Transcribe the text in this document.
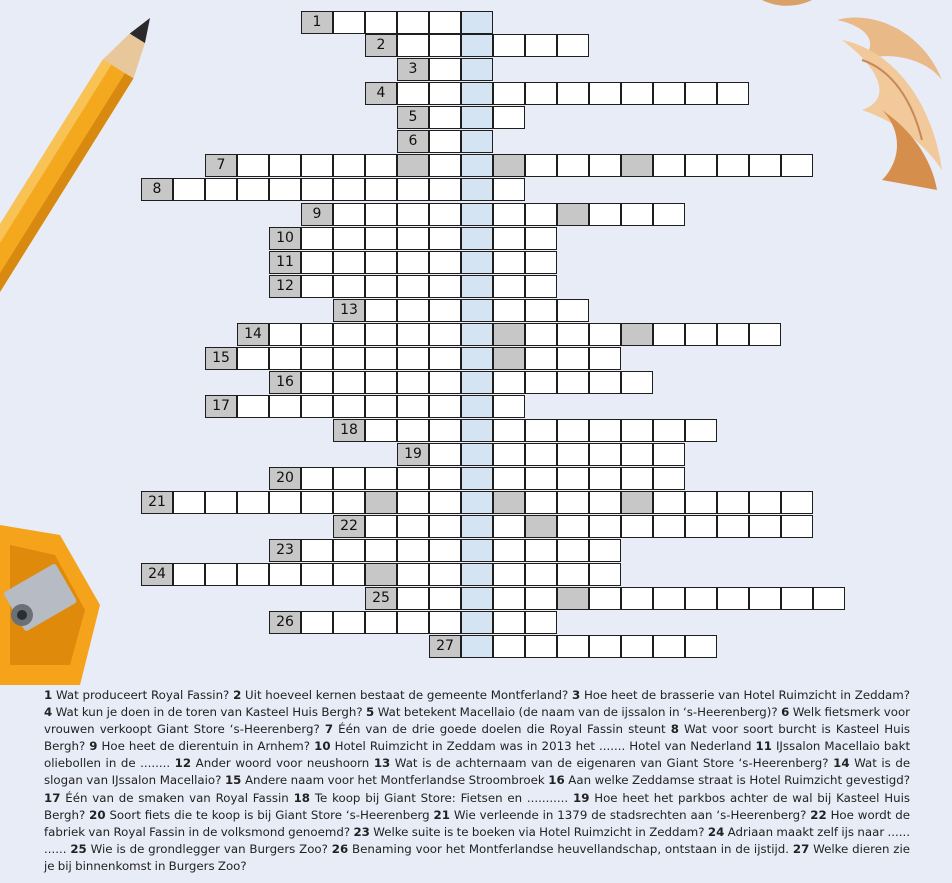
1
2
3
4
5
6
7
8
9
10
11
12
13
14
15
16
17
18
19
20
21
22
23
24
25
26
27
1 Wat produceert Royal Fassin? 2 Uit hoeveel kernen bestaat de gemeente Montferland? 3 Hoe heet de brasserie van Hotel Ruimzicht in Zeddam? 4 Wat kun je doen in de toren van Kasteel Huis Bergh? 5 Wat betekent Macellaio (de naam van de ijssalon in ‘s-Heerenberg)? 6 Welk fietsmerk voor vrouwen verkoopt Giant Store ‘s-Heerenberg? 7 Één van de drie goede doelen die Royal Fassin steunt 8 Wat voor soort burcht is Kasteel Huis Bergh? 9 Hoe heet de dierentuin in Arnhem? 10 Hotel Ruimzicht in Zeddam was in 2013 het ....... Hotel van Nederland 11 IJssalon Macellaio bakt oliebollen in de ........ 12 Ander woord voor neushoorn 13 Wat is de achternaam van de eigenaren van Giant Store ‘s-Heerenberg? 14 Wat is de slogan van IJssalon Macellaio? 15 Andere naam voor het Montferlandse Stroombroek 16 Aan welke Zeddamse straat is Hotel Ruimzicht gevestigd? 17 Één van de smaken van Royal Fassin 18 Te koop bij Giant Store: Fietsen en ........... 19 Hoe heet het parkbos achter de wal bij Kasteel Huis Bergh? 20 Soort fiets die te koop is bij Giant Store ‘s-Heerenberg 21 Wie verleende in 1379 de stadsrechten aan ‘s-Heerenberg? 22 Hoe wordt de fabriek van Royal Fassin in de volksmond genoemd? 23 Welke suite is te boeken via Hotel Ruimzicht in Zeddam? 24 Adriaan maakt zelf ijs naar ...... ...... 25 Wie is de grondlegger van Burgers Zoo? 26 Benaming voor het Montferlandse heuvellandschap, ontstaan in de ijstijd. 27 Welke dieren zie je bij binnenkomst in Burgers Zoo?
